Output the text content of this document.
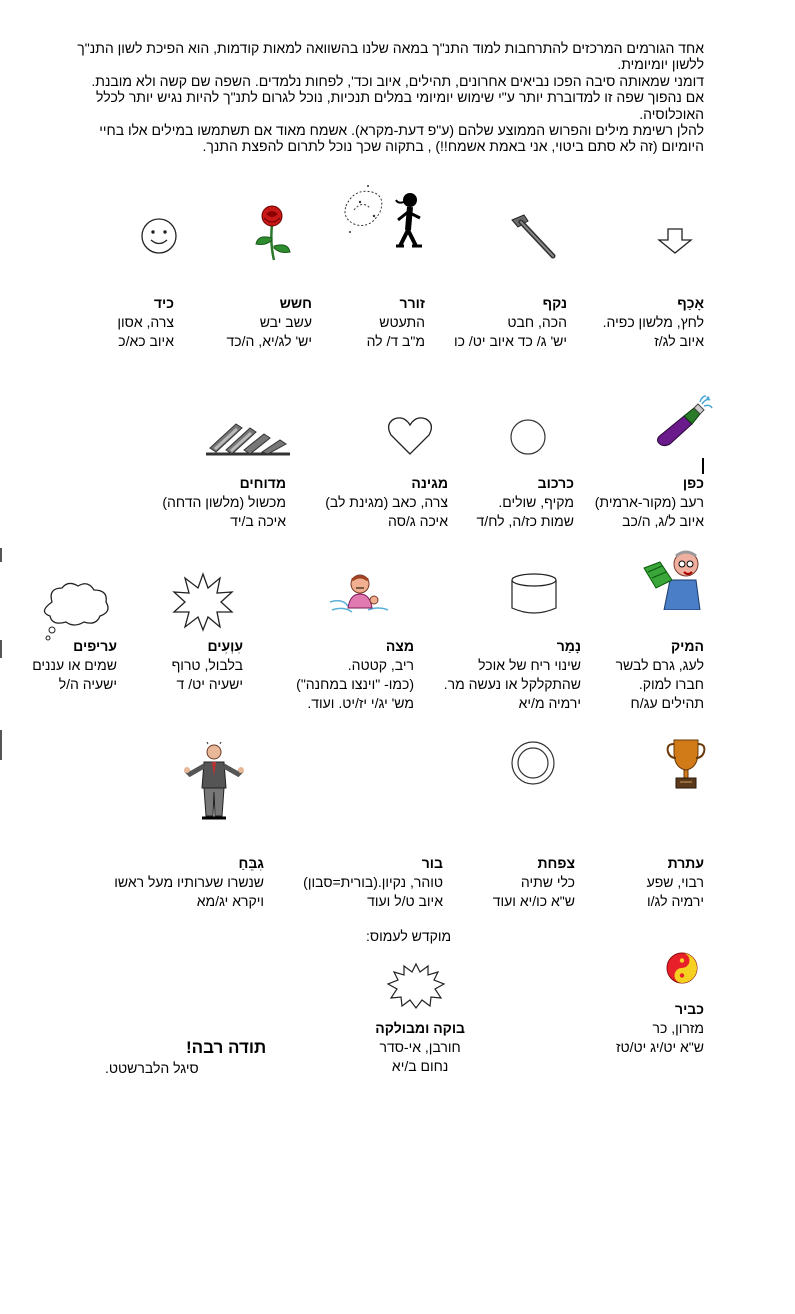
אחד הגורמים המרכזים להתרחבות למוד התנ"ך במאה שלנו בהשוואה למאות קודמות, הוא הפיכת לשון התנ"ך ללשון יומיומית.

דומני שמאותה סיבה הפכו נביאים אחרונים, תהילים, איוב וכד', לפחות נלמדים. השפה שם קשה ולא מובנת. אם נהפוך שפה זו למדוברת יותר ע"י שימוש יומיומי במלים תנכיות, נוכל לגרום לתנ"ך להיות נגיש יותר לכלל האוכלוסיה.

להלן רשימת מילים והפרוש הממוצע שלהם (ע"פ דעת-מקרא). אשמח מאוד אם תשתמשו במילים אלו בחיי היומיום (זה לא סתם ביטוי, אני באמת אשמח!!) , בתקוה שכך נוכל לתרום להפצת התנך.

אָכַף
לחץ, מלשון כפיה.
איוב לג/ז
נקף
הכה, חבט
יש' ג/ כד איוב יט/ כו
זורר
התעטש
מ"ב ד/ לה
חשש
עשב יבש
יש' לג/יא, ה/כד
כיד
צרה, אסון
איוב כא/כ
כפן
רעב (מקור-ארמית)
איוב ל/ג, ה/כב
כרכוב
מקיף, שולים.
שמות כז/ה, לח/ד
מגינה
צרה, כאב (מגינת לב)
איכה ג/סה
מדוחים
מכשול (מלשון הדחה)
איכה ב/יד
המיק
לעג, גרם לבשר
חברו למוק.
תהילים עג/ח
נָמַר
שינוי ריח של אוכל
שהתקלקל או נעשה מר.
ירמיה מ/יא
מצה
ריב, קטטה.
(כמו- "וינצו במחנה")
מש' יג/י יז/יט. ועוד.
עִוְעִים
בלבול, טרוף
ישעיה יט/ ד
עריפים
שמים או עננים
ישעיה ה/ל
עתרת
רבוי, שפע
ירמיה לג/ו
צפחת
כלי שתיה
ש"א כו/יא ועוד
בור
טוהר, נקיון.(בורית=סבון)
איוב ט/ל ועוד
גִבֵּחַ
שנשרו שערותיו מעל ראשו
ויקרא יג/מא
מוקדש לעמוס:
כביר
מזרון, כר
ש"א יט/יג יט/טז
בוקה ומבולקה
חורבן, אי-סדר
נחום ב/יא
תודה רבה!
סיגל הלברשטט.
